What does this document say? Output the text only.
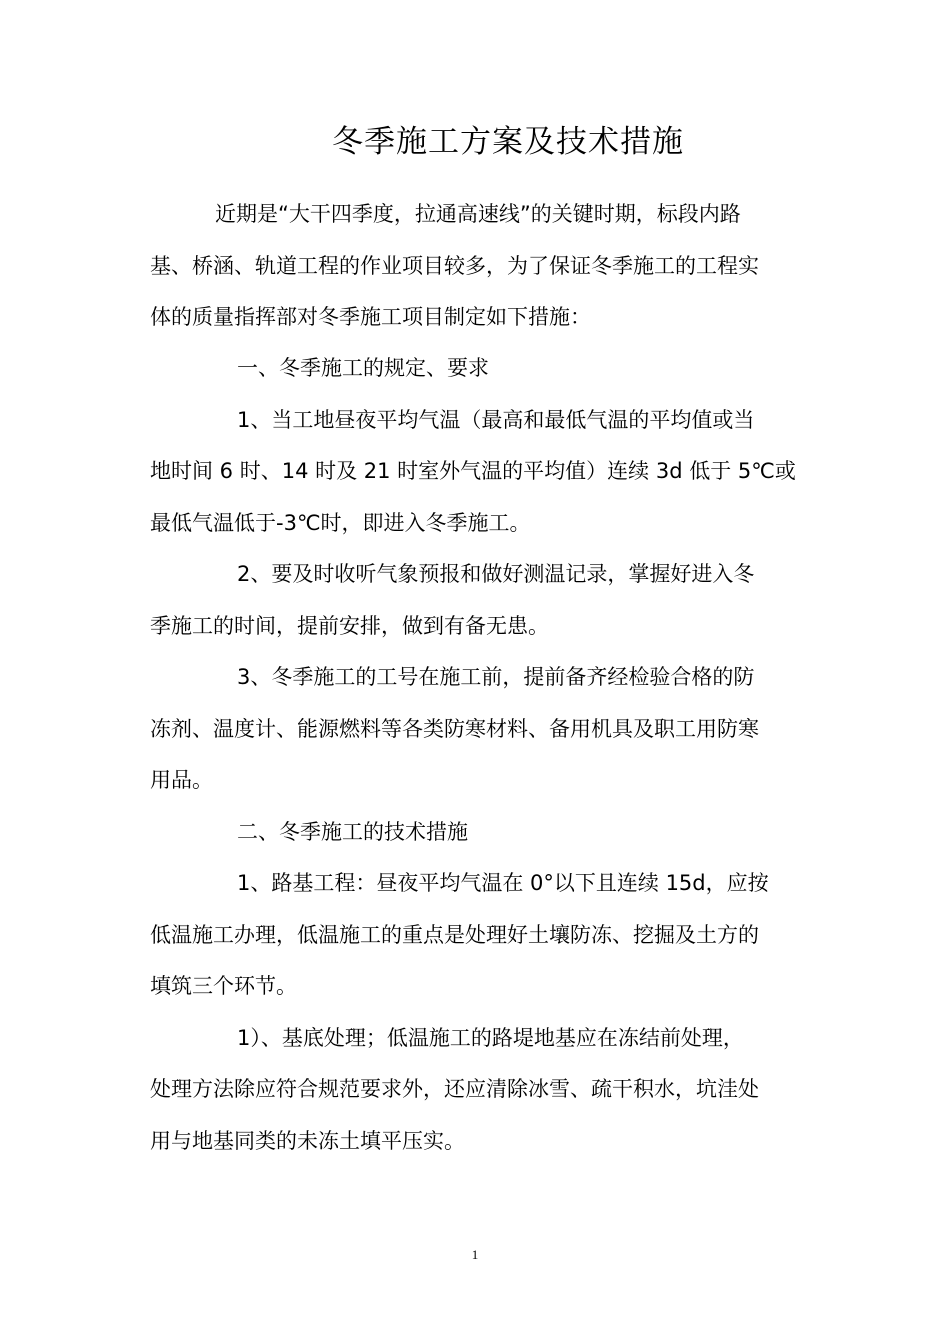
冬季施工方案及技术措施

近期是“大干四季度，拉通高速线”的关键时期，标段内路

基、桥涵、轨道工程的作业项目较多，为了保证冬季施工的工程实

体的质量指挥部对冬季施工项目制定如下措施：

一、冬季施工的规定、要求

1、当工地昼夜平均气温（最高和最低气温的平均值或当

地时间 6 时、14 时及 21 时室外气温的平均值）连续 3d 低于 5℃或

最低气温低于-3℃时，即进入冬季施工。

2、要及时收听气象预报和做好测温记录，掌握好进入冬

季施工的时间，提前安排，做到有备无患。

3、冬季施工的工号在施工前，提前备齐经检验合格的防

冻剂、温度计、能源燃料等各类防寒材料、备用机具及职工用防寒

用品。

二、冬季施工的技术措施

1、路基工程：昼夜平均气温在 0°以下且连续 15d，应按

低温施工办理，低温施工的重点是处理好土壤防冻、挖掘及土方的

填筑三个环节。

1）、基底处理；低温施工的路堤地基应在冻结前处理，

处理方法除应符合规范要求外，还应清除冰雪、疏干积水，坑洼处

用与地基同类的未冻土填平压实。

1
